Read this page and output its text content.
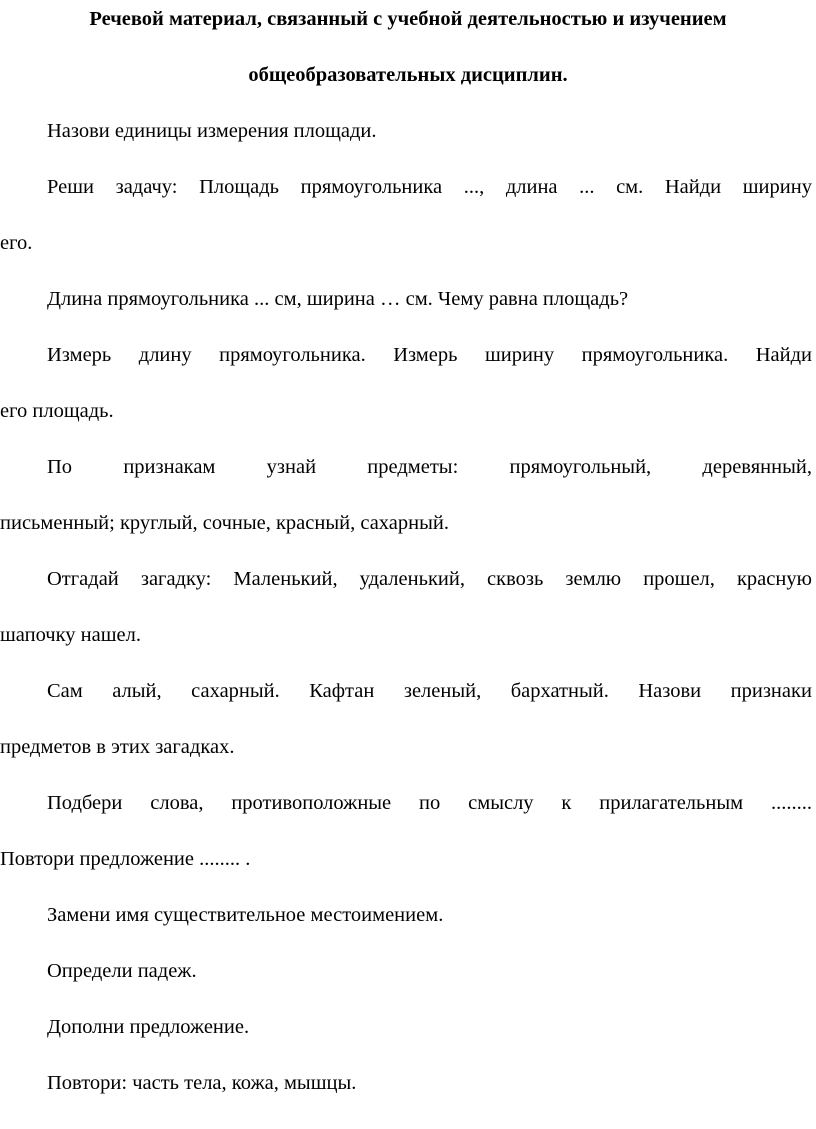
Речевой материал, связанный с учебной деятельностью и изучением
общеобразовательных дисциплин.
Назови единицы измерения площади.
Реши задачу: Площадь прямоугольника ..., длина ... см. Найди ширину
его.
Длина прямоугольника ... см, ширина … см. Чему равна площадь?
Измерь длину прямоугольника. Измерь ширину прямоугольника. Найди
его площадь.
По	признакам	узнай	предметы:	прямоугольный,	деревянный,
письменный; круглый, сочные, красный, сахарный.
Отгадай загадку: Маленький, удаленький, сквозь землю прошел, красную
шапочку нашел.
Сам алый, сахарный. Кафтан зеленый, бархатный. Назови признаки
предметов в этих загадках.
Подбери слова, противоположные по смыслу к прилагательным ........
Повтори предложение ........ .
Замени имя существительное местоимением.
Определи падеж.
Дополни предложение.
Повтори: часть тела, кожа, мышцы.
